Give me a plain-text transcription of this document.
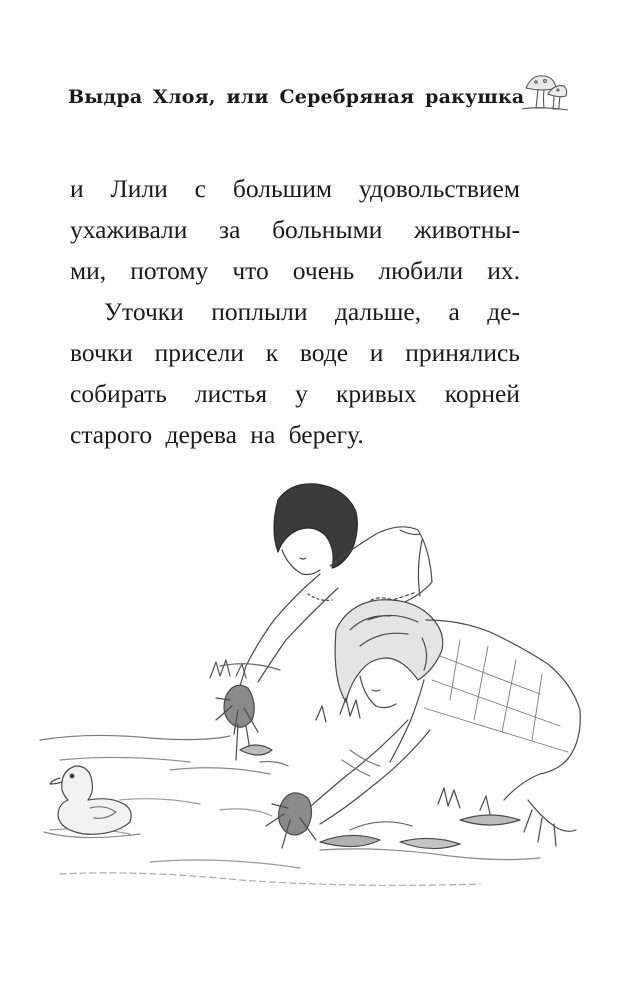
Выдра Хлоя, или Серебряная ракушка
и Лили с большим удовольствием
ухаживали за больными животны-
ми, потому что очень любили их.
Уточки поплыли дальше, а де-
вочки присели к воде и принялись
собирать листья у кривых корней
старого дерева на берегу.
